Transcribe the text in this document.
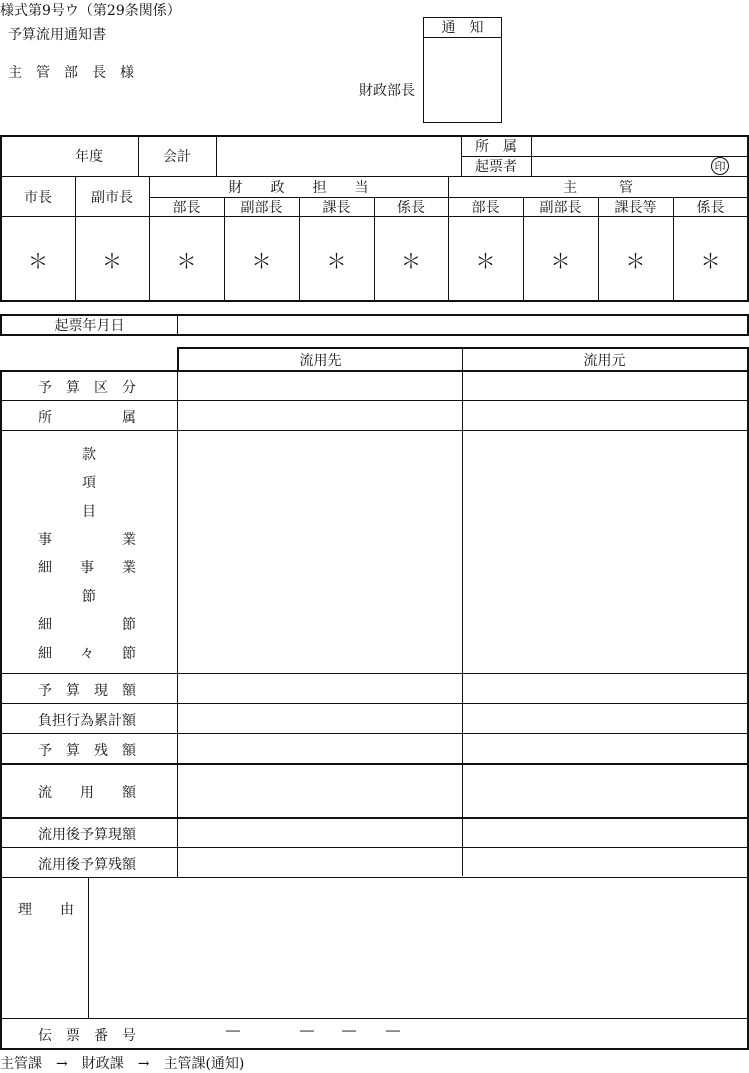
様式第9号ウ（第29条関係）
予算流用通知書
主　管　部　長　様
財政部長
通　知
年度	会計
所　属
起票者	印
市長	副市長
財　　政　　担　　当	主　　　管
部長	副部長	課長	係長	部長	副部長	課長等	係長
＊	＊	＊	＊	＊	＊	＊	＊	＊	＊
起票年月日
流用先	流用元
予　算　区　分
所　　　　　属
款
項
目
事　　　　　業
細　　事　　業
節
細　　　　　節
細　　々　　節
予　算　現　額
負担行為累計額
予　算　残　額
流　　用　　額
流用後予算現額
流用後予算残額
理　　由
伝　票　番　号	―	― ― ―
主管課　→　財政課　→　主管課(通知)
